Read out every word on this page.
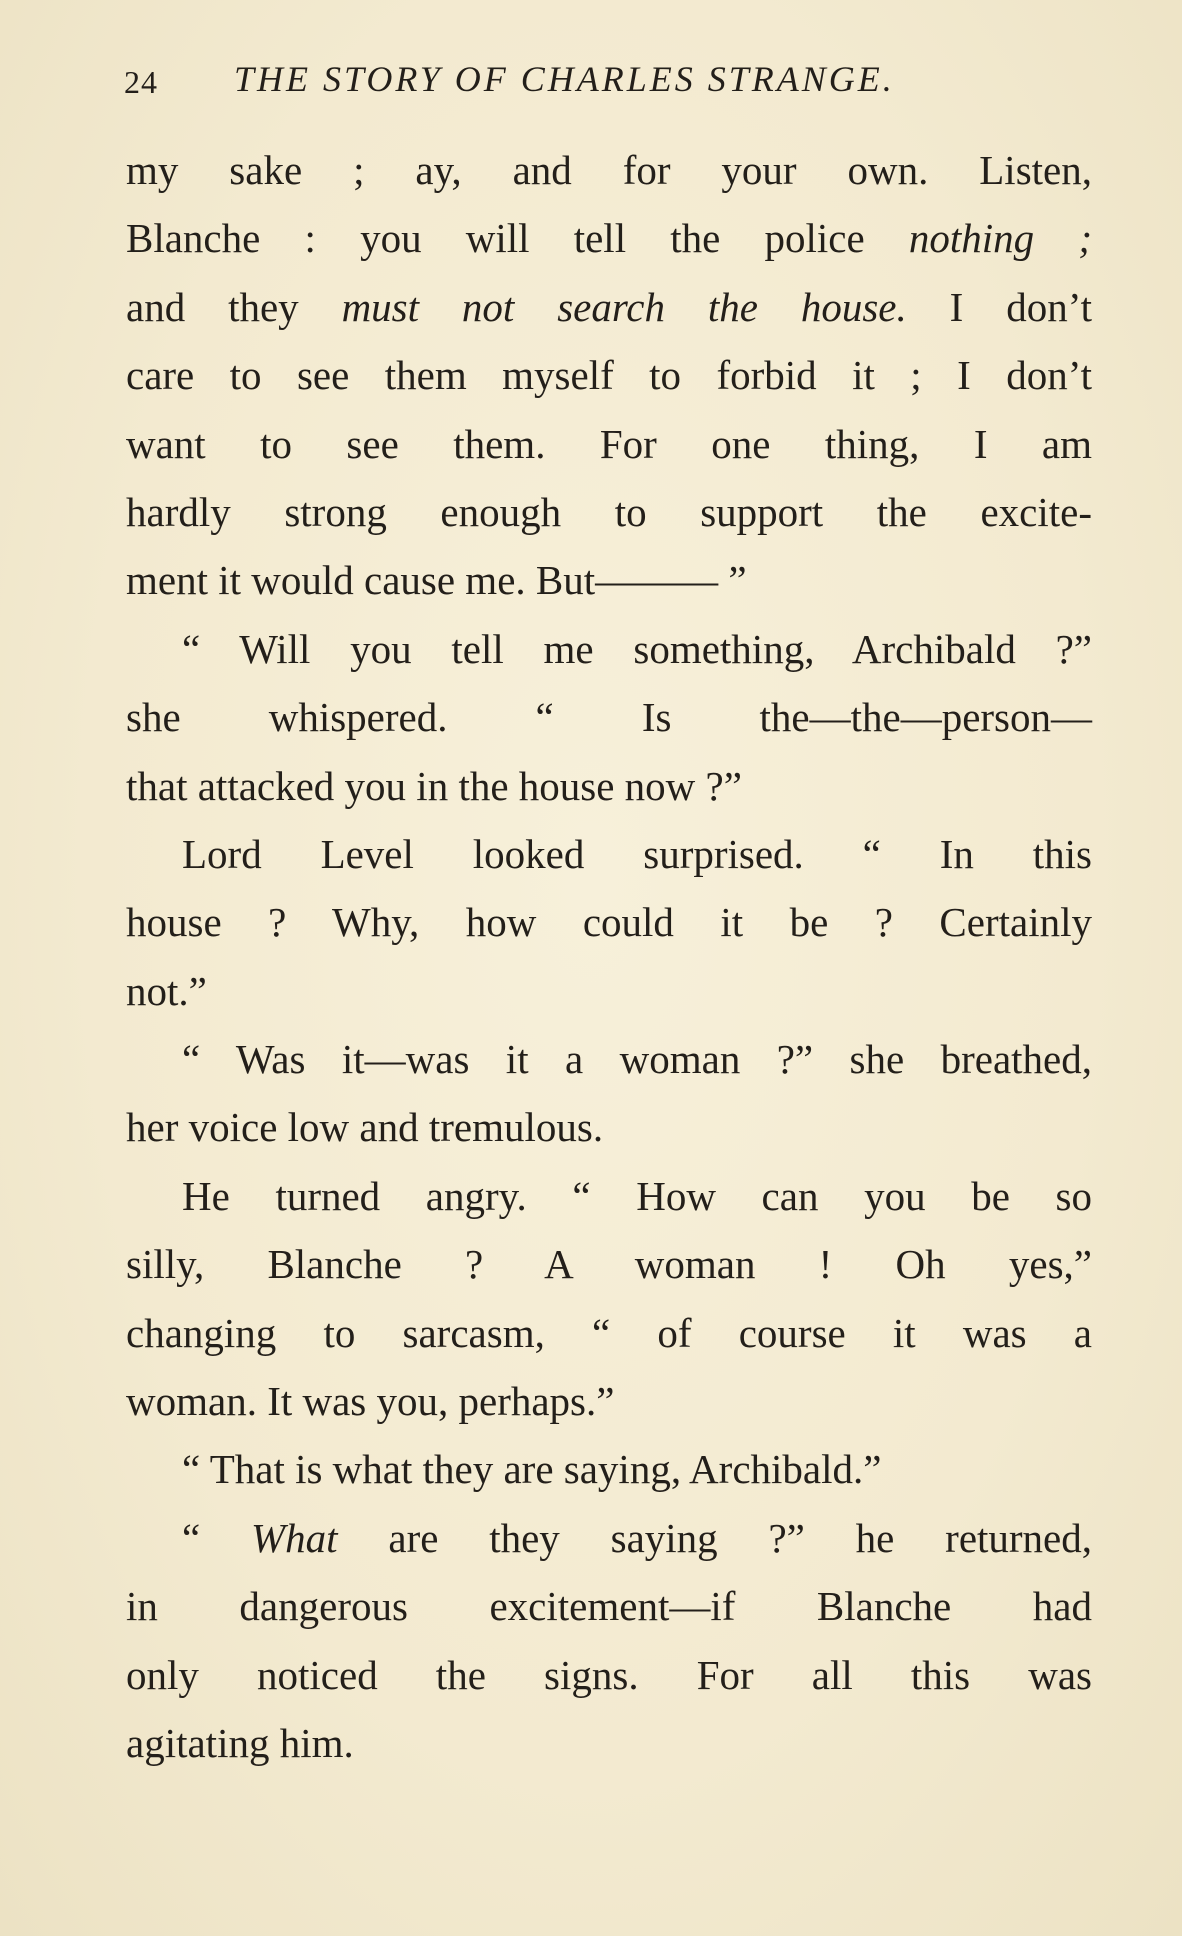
24 THE STORY OF CHARLES STRANGE.
my sake ; ay, and for your own. Listen,
Blanche : you will tell the police nothing ;
and they must not search the house. I don’t
care to see them myself to forbid it ; I don’t
want to see them. For one thing, I am
hardly strong enough to support the excite-
ment it would cause me. But——— ”
“ Will you tell me something, Archibald ?”
she whispered. “ Is the—the—person—
that attacked you in the house now ?”
Lord Level looked surprised. “ In this
house ? Why, how could it be ? Certainly
not.”
“ Was it—was it a woman ?” she breathed,
her voice low and tremulous.
He turned angry. “ How can you be so
silly, Blanche ? A woman ! Oh yes,”
changing to sarcasm, “ of course it was a
woman. It was you, perhaps.”
“ That is what they are saying, Archibald.”
“ What are they saying ?” he returned,
in dangerous excitement—if Blanche had
only noticed the signs. For all this was
agitating him.
